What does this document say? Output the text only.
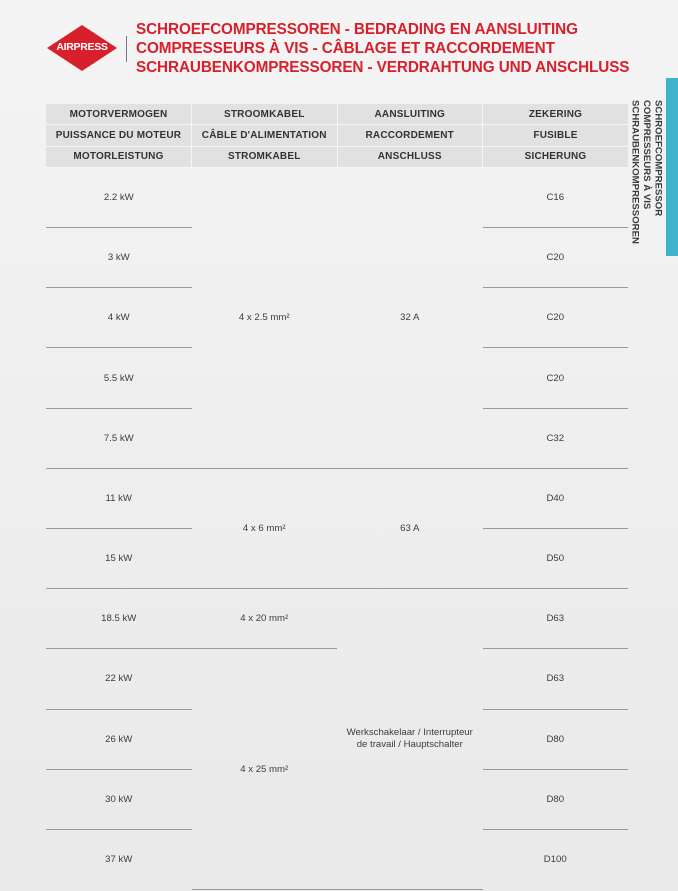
AIRPRESS
SCHROEFCOMPRESSOREN - BEDRADING EN AANSLUITING
COMPRESSEURS À VIS - CÂBLAGE ET RACCORDEMENT
SCHRAUBENKOMPRESSOREN - VERDRAHTUNG UND ANSCHLUSS
SCHROEFCOMPRESSOR
COMPRESSEURS À VIS
SCHRAUBENKOMPRESSOREN
MOTORVERMOGEN	STROOMKABEL	AANSLUITING	ZEKERING
PUISSANCE DU MOTEUR	CÂBLE D'ALIMENTATION	RACCORDEMENT	FUSIBLE
MOTORLEISTUNG	STROMKABEL	ANSCHLUSS	SICHERUNG
2.2 kW	4 x 2.5 mm²	32 A	C16
3 kW			C20
4 kW			C20
5.5 kW			C20
7.5 kW			C32
11 kW	4 x 6 mm²	63 A	D40
15 kW			D50
18.5 kW	4 x 20 mm²	Werkschakelaar / Interrupteur de travail / Hauptschalter	D63
22 kW	4 x 25 mm²		D63
26 kW			D80
30 kW			D80
37 kW			D100
